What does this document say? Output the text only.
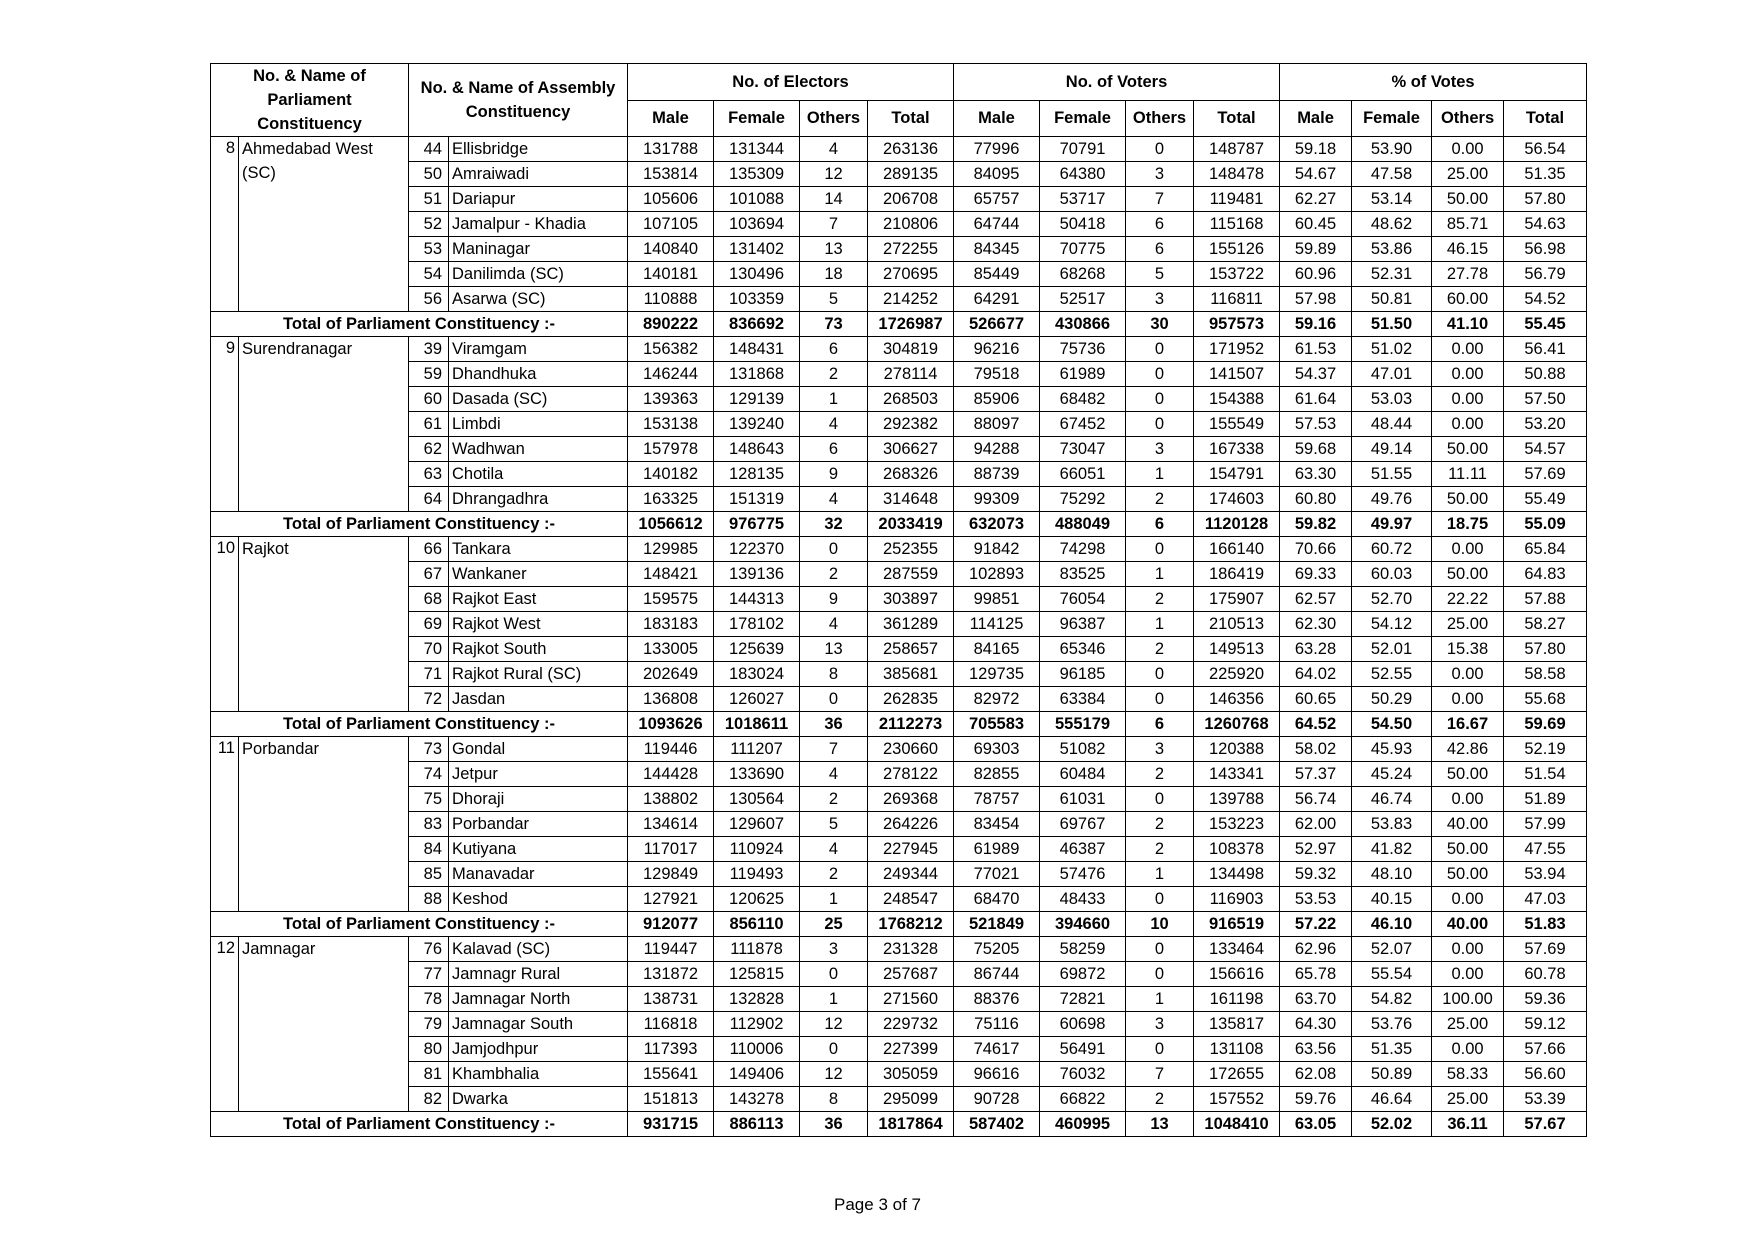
No. & Name of Parliament Constituency		No. & Name of Assembly Constituency		No. of Electors				No. of Voters				% of Votes			
				Male	Female	Others	Total	Male	Female	Others	Total	Male	Female	Others	Total
8	Ahmedabad West (SC)	44	Ellisbridge	131788	131344	4	263136	77996	70791	0	148787	59.18	53.90	0.00	56.54
		50	Amraiwadi	153814	135309	12	289135	84095	64380	3	148478	54.67	47.58	25.00	51.35
		51	Dariapur	105606	101088	14	206708	65757	53717	7	119481	62.27	53.14	50.00	57.80
		52	Jamalpur - Khadia	107105	103694	7	210806	64744	50418	6	115168	60.45	48.62	85.71	54.63
		53	Maninagar	140840	131402	13	272255	84345	70775	6	155126	59.89	53.86	46.15	56.98
		54	Danilimda (SC)	140181	130496	18	270695	85449	68268	5	153722	60.96	52.31	27.78	56.79
		56	Asarwa (SC)	110888	103359	5	214252	64291	52517	3	116811	57.98	50.81	60.00	54.52
Total of Parliament Constituency :-				890222	836692	73	1726987	526677	430866	30	957573	59.16	51.50	41.10	55.45
9	Surendranagar	39	Viramgam	156382	148431	6	304819	96216	75736	0	171952	61.53	51.02	0.00	56.41
		59	Dhandhuka	146244	131868	2	278114	79518	61989	0	141507	54.37	47.01	0.00	50.88
		60	Dasada (SC)	139363	129139	1	268503	85906	68482	0	154388	61.64	53.03	0.00	57.50
		61	Limbdi	153138	139240	4	292382	88097	67452	0	155549	57.53	48.44	0.00	53.20
		62	Wadhwan	157978	148643	6	306627	94288	73047	3	167338	59.68	49.14	50.00	54.57
		63	Chotila	140182	128135	9	268326	88739	66051	1	154791	63.30	51.55	11.11	57.69
		64	Dhrangadhra	163325	151319	4	314648	99309	75292	2	174603	60.80	49.76	50.00	55.49
Total of Parliament Constituency :-				1056612	976775	32	2033419	632073	488049	6	1120128	59.82	49.97	18.75	55.09
10	Rajkot	66	Tankara	129985	122370	0	252355	91842	74298	0	166140	70.66	60.72	0.00	65.84
		67	Wankaner	148421	139136	2	287559	102893	83525	1	186419	69.33	60.03	50.00	64.83
		68	Rajkot East	159575	144313	9	303897	99851	76054	2	175907	62.57	52.70	22.22	57.88
		69	Rajkot West	183183	178102	4	361289	114125	96387	1	210513	62.30	54.12	25.00	58.27
		70	Rajkot South	133005	125639	13	258657	84165	65346	2	149513	63.28	52.01	15.38	57.80
		71	Rajkot Rural (SC)	202649	183024	8	385681	129735	96185	0	225920	64.02	52.55	0.00	58.58
		72	Jasdan	136808	126027	0	262835	82972	63384	0	146356	60.65	50.29	0.00	55.68
Total of Parliament Constituency :-				1093626	1018611	36	2112273	705583	555179	6	1260768	64.52	54.50	16.67	59.69
11	Porbandar	73	Gondal	119446	111207	7	230660	69303	51082	3	120388	58.02	45.93	42.86	52.19
		74	Jetpur	144428	133690	4	278122	82855	60484	2	143341	57.37	45.24	50.00	51.54
		75	Dhoraji	138802	130564	2	269368	78757	61031	0	139788	56.74	46.74	0.00	51.89
		83	Porbandar	134614	129607	5	264226	83454	69767	2	153223	62.00	53.83	40.00	57.99
		84	Kutiyana	117017	110924	4	227945	61989	46387	2	108378	52.97	41.82	50.00	47.55
		85	Manavadar	129849	119493	2	249344	77021	57476	1	134498	59.32	48.10	50.00	53.94
		88	Keshod	127921	120625	1	248547	68470	48433	0	116903	53.53	40.15	0.00	47.03
Total of Parliament Constituency :-				912077	856110	25	1768212	521849	394660	10	916519	57.22	46.10	40.00	51.83
12	Jamnagar	76	Kalavad (SC)	119447	111878	3	231328	75205	58259	0	133464	62.96	52.07	0.00	57.69
		77	Jamnagr Rural	131872	125815	0	257687	86744	69872	0	156616	65.78	55.54	0.00	60.78
		78	Jamnagar North	138731	132828	1	271560	88376	72821	1	161198	63.70	54.82	100.00	59.36
		79	Jamnagar South	116818	112902	12	229732	75116	60698	3	135817	64.30	53.76	25.00	59.12
		80	Jamjodhpur	117393	110006	0	227399	74617	56491	0	131108	63.56	51.35	0.00	57.66
		81	Khambhalia	155641	149406	12	305059	96616	76032	7	172655	62.08	50.89	58.33	56.60
		82	Dwarka	151813	143278	8	295099	90728	66822	2	157552	59.76	46.64	25.00	53.39
Total of Parliament Constituency :-				931715	886113	36	1817864	587402	460995	13	1048410	63.05	52.02	36.11	57.67
Page 3 of 7
